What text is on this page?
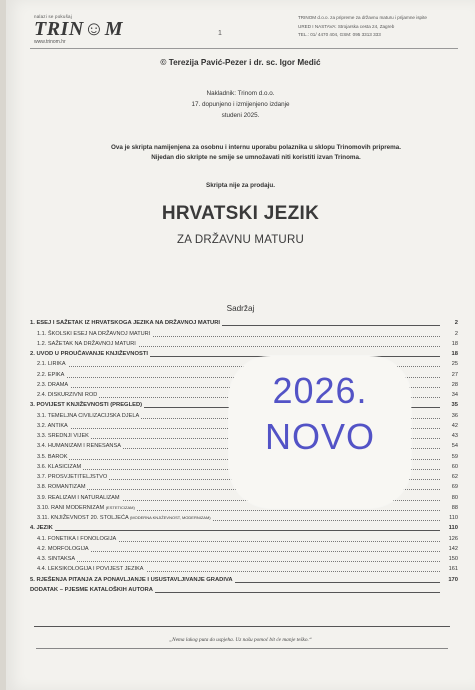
nalazi se pokušaj
TRIN☺M
www.trinom.hr
1
TRINOM d.o.o. za pripreme za državnu maturu i prijamne ispite
URED I NASTAVA: Strojarska cesta 24, Zagreb
TEL.: 01/ 4470 404, GSM: 095 3313 333
© Terezija Pavić-Pezer i dr. sc. Igor Medić
Nakladnik: Trinom d.o.o.
17. dopunjeno i izmijenjeno izdanje
studeni 2025.
Ova je skripta namijenjena za osobnu i internu uporabu polaznika u sklopu Trinomovih priprema.
Nijedan dio skripte ne smije se umnožavati niti koristiti izvan Trinoma.
Skripta nije za prodaju.
HRVATSKI JEZIK
ZA DRŽAVNU MATURU
Sadržaj
1. ESEJ I SAŽETAK IZ HRVATSKOGA JEZIKA NA DRŽAVNOJ MATURI	2
1.1. ŠKOLSKI ESEJ NA DRŽAVNOJ MATURI	2
1.2. SAŽETAK NA DRŽAVNOJ MATURI	18
2. UVOD U PROUČAVANJE KNJIŽEVNOSTI	18
2.1. LIRIKA	25
2.2. EPIKA	27
2.3. DRAMA	28
2.4. DISKURZIVNI ROD	34
3. POVIJEST KNJIŽEVNOSTI (PREGLED)	35
3.1. TEMELJNA CIVILIZACIJSKA DJELA	36
3.2. ANTIKA	42
3.3. SREDNJI VIJEK	43
3.4. HUMANIZAM I RENESANSA	54
3.5. BAROK	59
3.6. KLASICIZAM	60
3.7. PROSVJETITELJSTVO	62
3.8. ROMANTIZAM	69
3.9. REALIZAM I NATURALIZAM	80
3.10. RANI MODERNIZAM (ESTETICIZAM)	88
3.11. KNJIŽEVNOST 20. STOLJEĆA (MODERNA KNJIŽEVNOST, MODERNIZAM)	110
4. JEZIK	110
4.1. FONETIKA I FONOLOGIJA	126
4.2. MORFOLOGIJA	142
4.3. SINTAKSA	150
4.4. LEKSIKOLOGIJA I POVIJEST JEZIKA	161
5. RJEŠENJA PITANJA ZA PONAVLJANJE I USUSTAVLJIVANJE GRADIVA	170
DODATAK – PJESME KATALOŠKIH AUTORA
„Nema lakog puta do uspjeha. Uz našu pomoć bit će manje teško.“
2026.
NOVO
